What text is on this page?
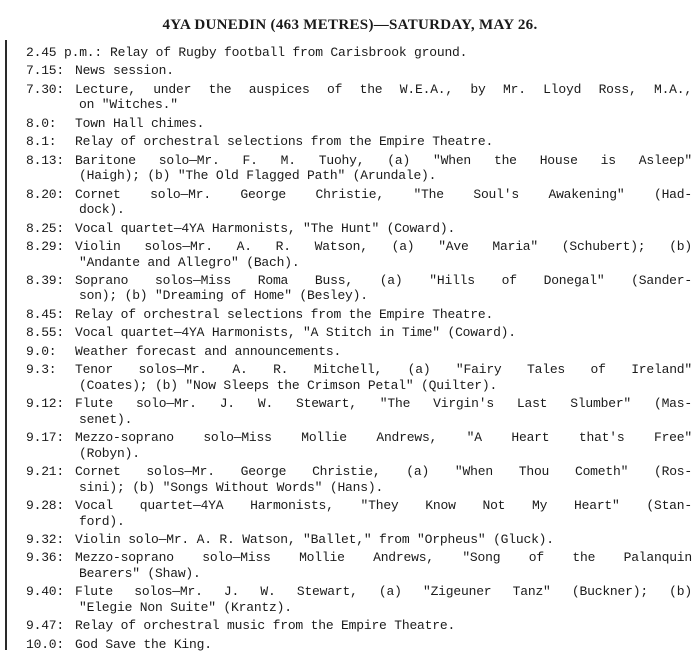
4YA DUNEDIN (463 METRES)—SATURDAY, MAY 26.
2.45 p.m.: Relay of Rugby football from Carisbrook ground.
7.15: News session.
7.30: Lecture, under the auspices of the W.E.A., by Mr. Lloyd Ross, M.A.,
on "Witches."
8.0:	Town Hall chimes.
8.1:	Relay of orchestral selections from the Empire Theatre.
8.13: Baritone solo—Mr. F. M. Tuohy, (a) "When the House is Asleep"
(Haigh); (b) "The Old Flagged Path" (Arundale).
8.20: Cornet solo—Mr. George Christie, "The Soul's Awakening" (Had-
dock).
8.25: Vocal quartet—4YA Harmonists, "The Hunt" (Coward).
8.29: Violin solos—Mr. A. R. Watson, (a) "Ave Maria" (Schubert); (b)
"Andante and Allegro" (Bach).
8.39: Soprano solos—Miss Roma Buss, (a) "Hills of Donegal" (Sander-
son); (b) "Dreaming of Home" (Besley).
8.45: Relay of orchestral selections from the Empire Theatre.
8.55: Vocal quartet—4YA Harmonists, "A Stitch in Time" (Coward).
9.0:	Weather forecast and announcements.
9.3:	Tenor solos—Mr. A. R. Mitchell, (a) "Fairy Tales of Ireland"
(Coates); (b) "Now Sleeps the Crimson Petal" (Quilter).
9.12: Flute solo—Mr. J. W. Stewart, "The Virgin's Last Slumber" (Mas-
senet).
9.17: Mezzo-soprano solo—Miss Mollie Andrews, "A Heart that's Free"
(Robyn).
9.21: Cornet solos—Mr. George Christie, (a) "When Thou Cometh" (Ros-
sini); (b) "Songs Without Words" (Hans).
9.28: Vocal quartet—4YA Harmonists, "They Know Not My Heart" (Stan-
ford).
9.32: Violin solo—Mr. A. R. Watson, "Ballet," from "Orpheus" (Gluck).
9.36: Mezzo-soprano solo—Miss Mollie Andrews, "Song of the Palanquin
Bearers" (Shaw).
9.40: Flute solos—Mr. J. W. Stewart, (a) "Zigeuner Tanz" (Buckner); (b)
"Elegie Non Suite" (Krantz).
9.47: Relay of orchestral music from the Empire Theatre.
10.0: God Save the King.
